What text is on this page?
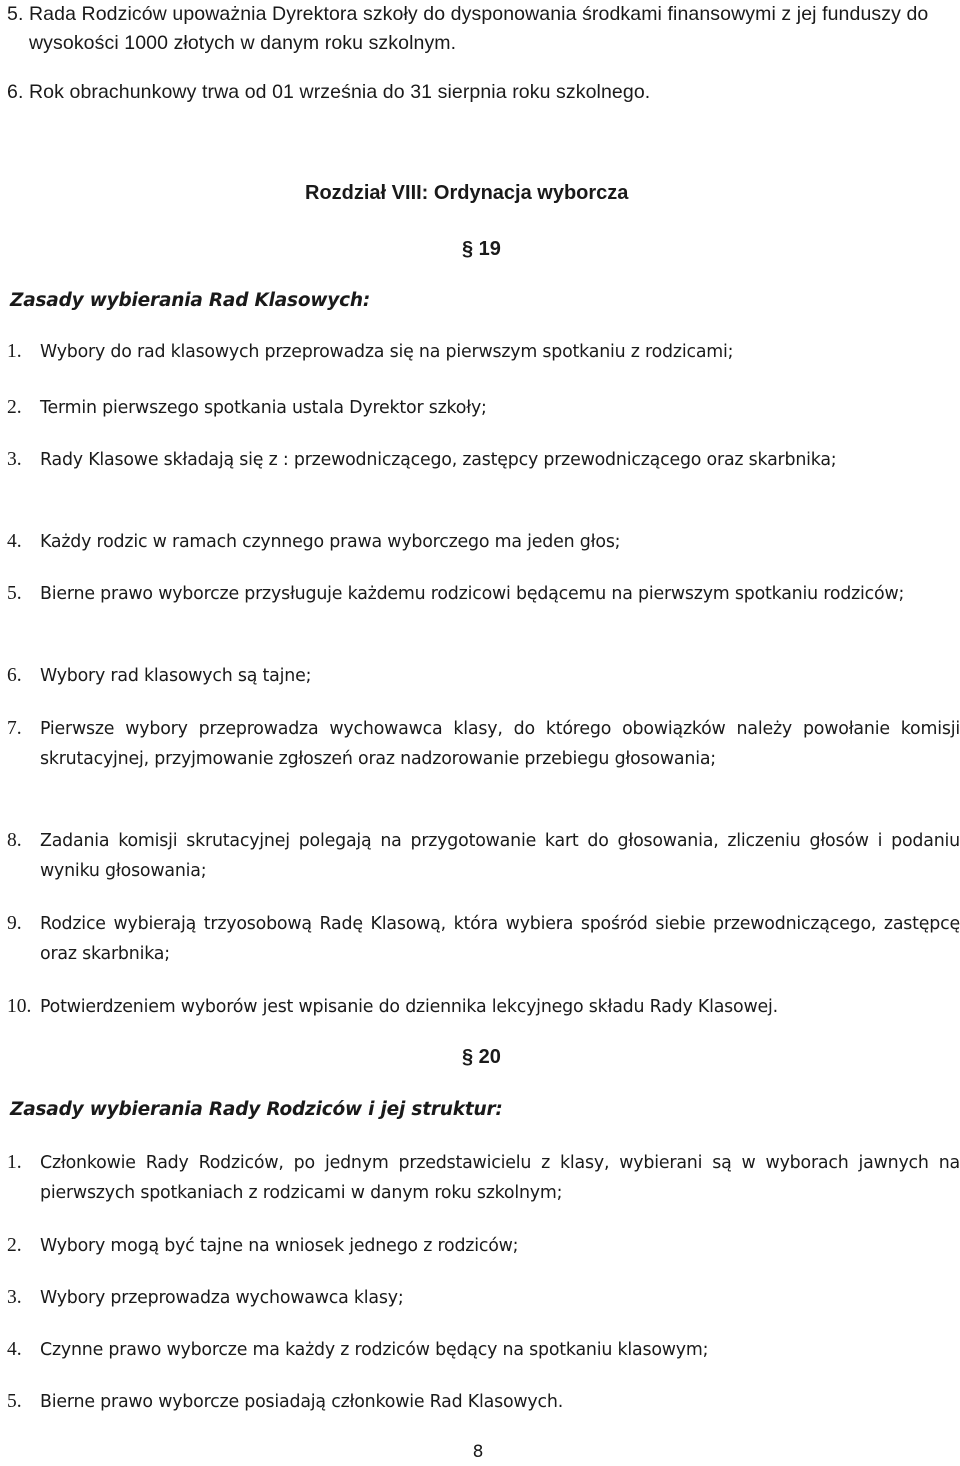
5. Rada Rodziców upoważnia Dyrektora szkoły do dysponowania środkami finansowymi z jej funduszy do wysokości 1000 złotych w danym roku szkolnym.
6. Rok obrachunkowy trwa od 01 września do 31 sierpnia roku szkolnego.
Rozdział VIII: Ordynacja wyborcza
§ 19
Zasady wybierania Rad Klasowych:
1. Wybory do rad klasowych przeprowadza się na pierwszym spotkaniu z rodzicami;
2. Termin pierwszego spotkania ustala Dyrektor szkoły;
3. Rady Klasowe składają się z : przewodniczącego, zastępcy przewodniczącego oraz skarbnika;
4. Każdy rodzic w ramach czynnego prawa wyborczego ma jeden głos;
5. Bierne prawo wyborcze przysługuje każdemu rodzicowi będącemu na pierwszym spotkaniu rodziców;
6. Wybory rad klasowych są tajne;
7. Pierwsze wybory przeprowadza wychowawca klasy, do którego obowiązków należy powołanie komisji skrutacyjnej, przyjmowanie zgłoszeń oraz nadzorowanie przebiegu głosowania;
8. Zadania komisji skrutacyjnej polegają na przygotowanie kart do głosowania, zliczeniu głosów i podaniu wyniku głosowania;
9. Rodzice wybierają trzyosobową Radę Klasową, która wybiera spośród siebie przewodniczącego, zastępcę oraz skarbnika;
10. Potwierdzeniem wyborów jest wpisanie do dziennika lekcyjnego składu Rady Klasowej.
§ 20
Zasady wybierania Rady Rodziców i jej struktur:
1. Członkowie Rady Rodziców, po jednym przedstawicielu z klasy, wybierani są w wyborach jawnych na pierwszych spotkaniach z rodzicami w danym roku szkolnym;
2. Wybory mogą być tajne na wniosek jednego z rodziców;
3. Wybory przeprowadza wychowawca klasy;
4. Czynne prawo wyborcze ma każdy z rodziców będący na spotkaniu klasowym;
5. Bierne prawo wyborcze posiadają członkowie Rad Klasowych.
8
